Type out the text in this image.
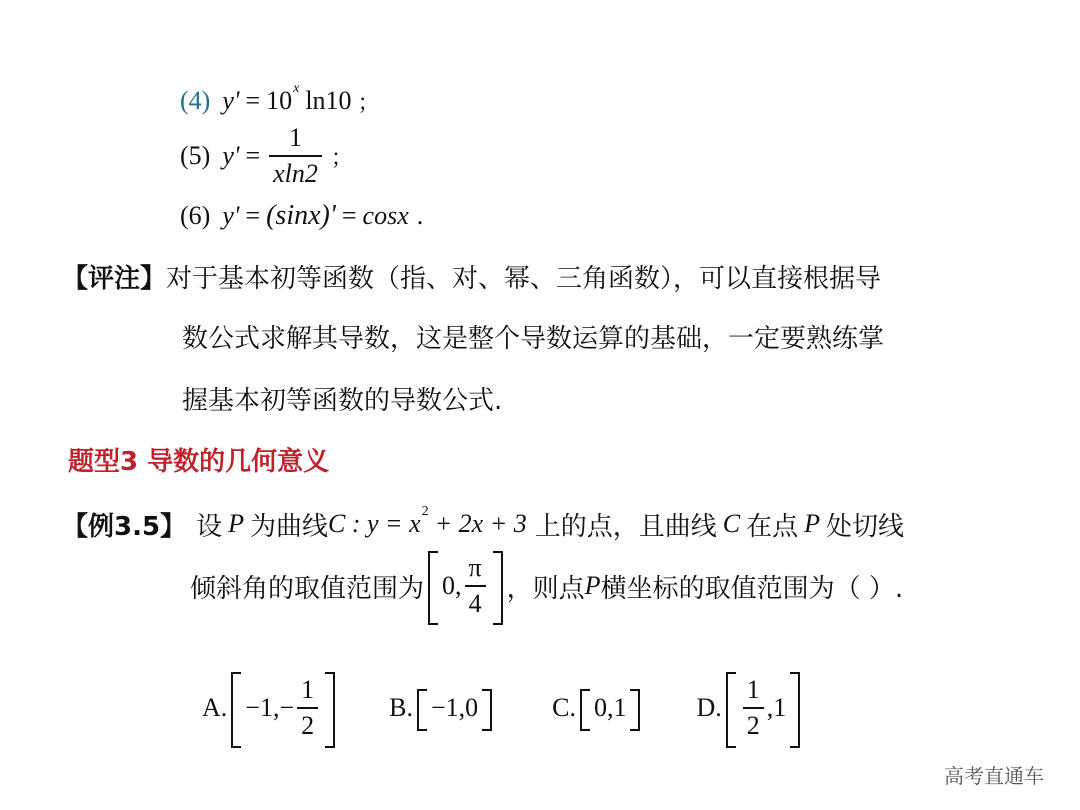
(4) y' = 10 x ln10 ；
(5) $y' = \frac{1}{xln2}$ ；
(6) y' = (sinx)' = cosx .
【评注】对于基本初等函数（指、对、幂、三角函数），可以直接根据导
数公式求解其导数，这是整个导数运算的基础，一定要熟练掌
握基本初等函数的导数公式.
题型3 导数的几何意义
【例3.5】 设 P 为曲线 C : y = x 2 + 2x + 3 上的点，且曲线 C 在点 P 处切线
倾斜角的取值范围为 0, $\frac{\pi}{4}$ ，则点 P 横坐标的取值范围为（ ）.
A. $-1,- \frac{1}{2}$	B. −1,0	C. 0,1	D. $\frac{1}{2} ,1$
高考直通车
